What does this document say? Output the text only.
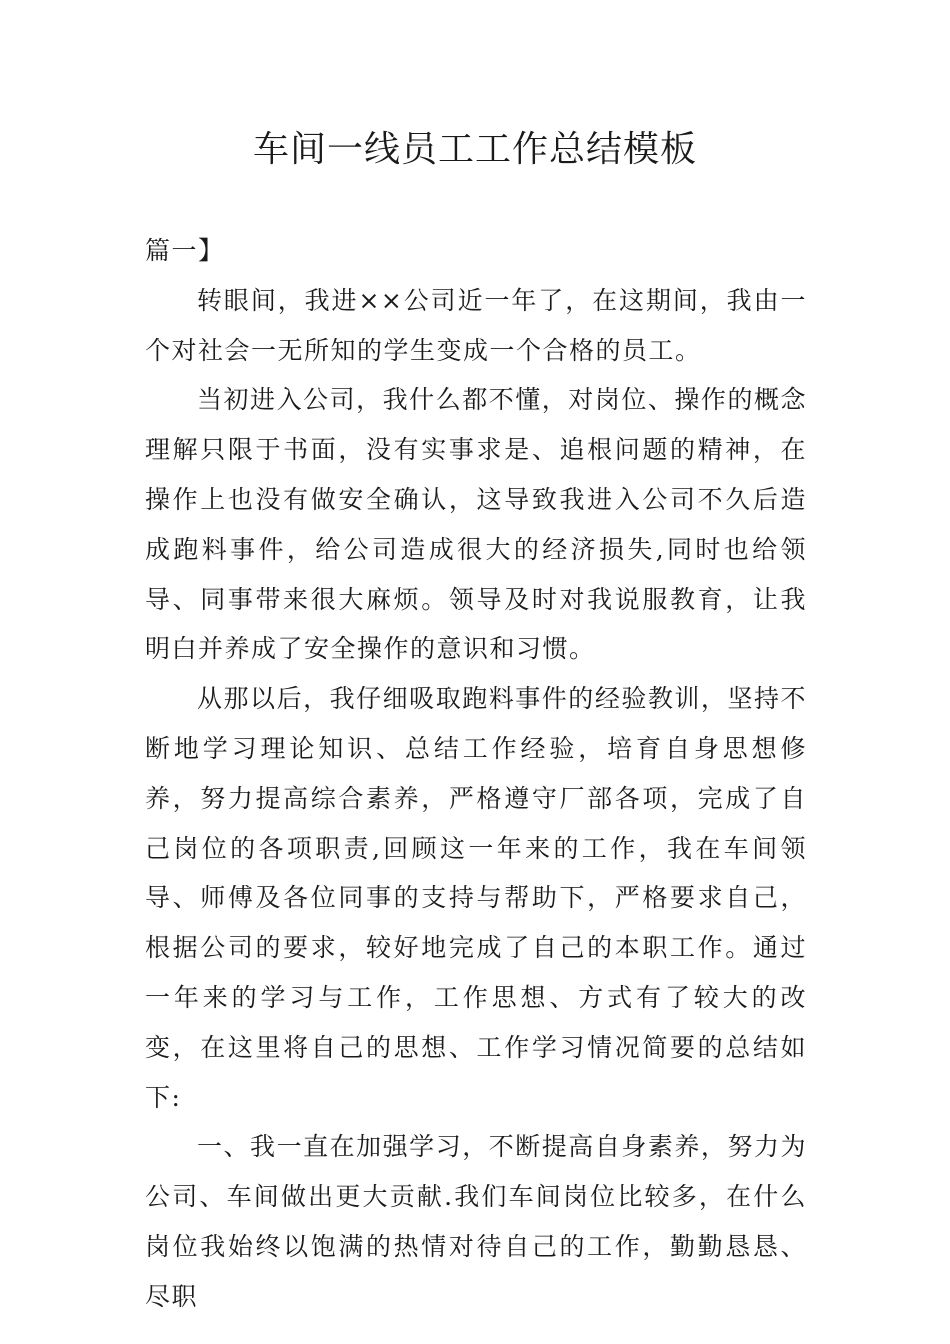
车间一线员工工作总结模板

篇一】

转眼间，我进××公司近一年了，在这期间，我由一个对社会一无所知的学生变成一个合格的员工。

当初进入公司，我什么都不懂，对岗位、操作的概念理解只限于书面，没有实事求是、追根问题的精神，在操作上也没有做安全确认，这导致我进入公司不久后造成跑料事件，给公司造成很大的经济损失,同时也给领导、同事带来很大麻烦。领导及时对我说服教育，让我明白并养成了安全操作的意识和习惯。

从那以后，我仔细吸取跑料事件的经验教训，坚持不断地学习理论知识、总结工作经验，培育自身思想修养，努力提高综合素养，严格遵守厂部各项，完成了自己岗位的各项职责,回顾这一年来的工作，我在车间领导、师傅及各位同事的支持与帮助下，严格要求自己，根据公司的要求，较好地完成了自己的本职工作。通过一年来的学习与工作，工作思想、方式有了较大的改变，在这里将自己的思想、工作学习情况简要的总结如下:

一、我一直在加强学习，不断提高自身素养，努力为公司、车间做出更大贡献.我们车间岗位比较多，在什么岗位我始终以饱满的热情对待自己的工作，勤勤恳恳、尽职
